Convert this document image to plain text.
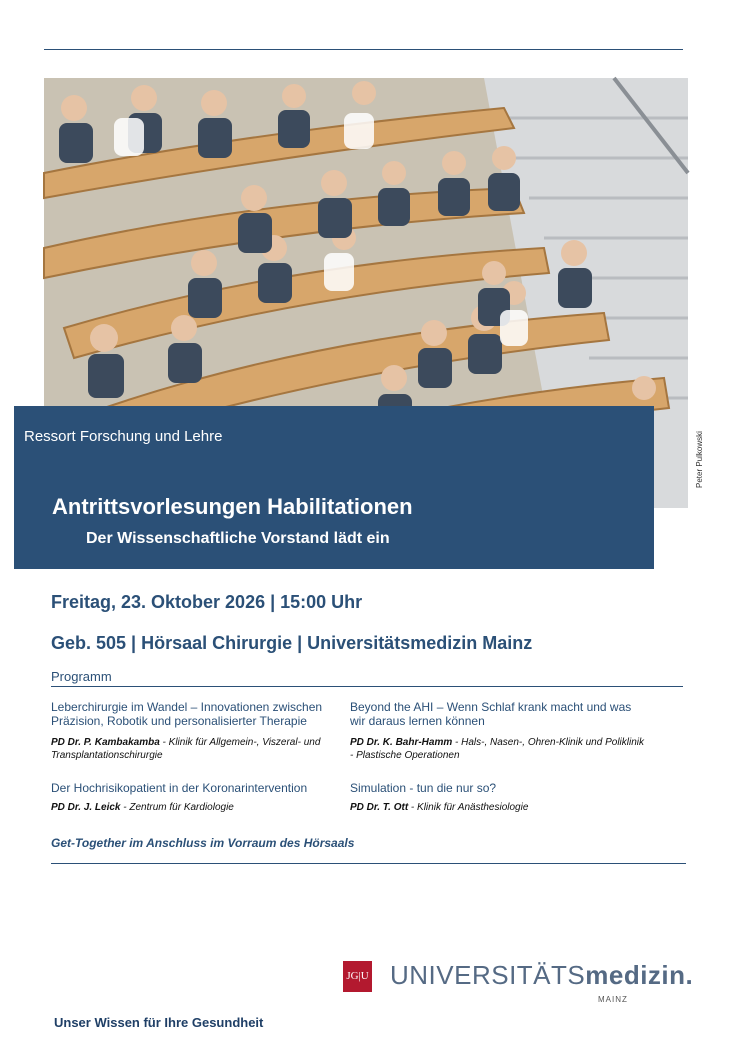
Peter Pulkowski
Ressort Forschung und Lehre
Antrittsvorlesungen Habilitationen
Der Wissenschaftliche Vorstand lädt ein
Freitag, 23. Oktober 2026 | 15:00 Uhr
Geb. 505 | Hörsaal Chirurgie | Universitätsmedizin Mainz
Programm
Leberchirurgie im Wandel – Innovationen zwischen Präzision, Robotik und personalisierter Therapie
PD Dr. P. Kambakamba - Klinik für Allgemein-, Viszeral- und Transplantationschirurgie
Beyond the AHI – Wenn Schlaf krank macht und was wir daraus lernen können
PD Dr. K. Bahr-Hamm - Hals-, Nasen-, Ohren-Klinik und Poliklinik - Plastische Operationen
Der Hochrisikopatient in der Koronarintervention
PD Dr. J. Leick - Zentrum für Kardiologie
Simulation - tun die nur so?
PD Dr. T. Ott - Klinik für Anästhesiologie
Get-Together im Anschluss im Vorraum des Hörsaals
JG|U UNIVERSITÄTSmedizin.
MAINZ
Unser Wissen für Ihre Gesundheit
